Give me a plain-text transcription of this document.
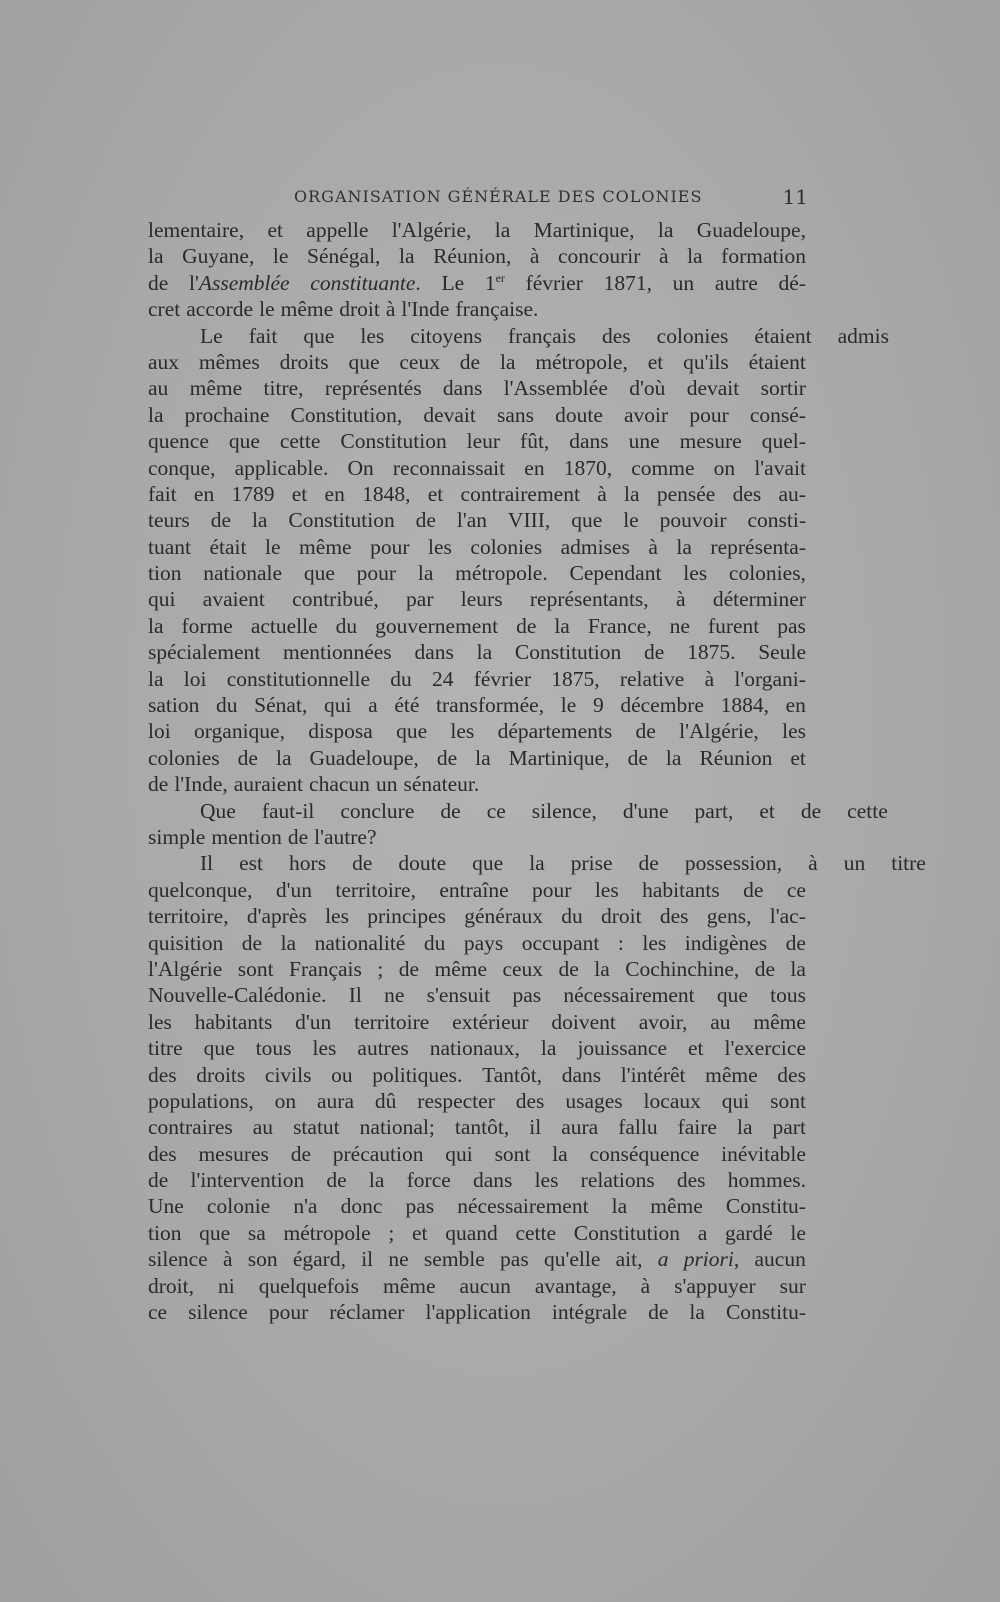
ORGANISATION GÉNÉRALE DES COLONIES	11
lementaire, et appelle l'Algérie, la Martinique, la Guadeloupe,
la Guyane, le Sénégal, la Réunion, à concourir à la formation
de l'Assemblée constituante. Le 1er février 1871, un autre dé-
cret accorde le même droit à l'Inde française.
Le	fait	que	les	citoyens	français	des	colonies	étaient	admis
aux mêmes droits que ceux de la métropole, et qu'ils étaient
au même titre, représentés dans l'Assemblée d'où devait sortir
la prochaine Constitution, devait sans doute avoir pour consé-
quence que cette Constitution leur fût, dans une mesure quel-
conque, applicable. On reconnaissait en 1870, comme on l'avait
fait en 1789 et en 1848, et contrairement à la pensée des au-
teurs de la Constitution de l'an VIII, que le pouvoir consti-
tuant était le même pour les colonies admises à la représenta-
tion nationale que pour la métropole. Cependant les colonies,
qui avaient contribué, par leurs représentants, à déterminer
la forme actuelle du gouvernement de la France, ne furent pas
spécialement mentionnées dans la Constitution de 1875. Seule
la loi constitutionnelle du 24 février 1875, relative à l'organi-
sation du Sénat, qui a été transformée, le 9 décembre 1884, en
loi organique, disposa que les départements de l'Algérie, les
colonies de la Guadeloupe, de la Martinique, de la Réunion et
de l'Inde, auraient chacun un sénateur.
Que	faut-il	conclure	de	ce	silence,	d'une	part,	et	de	cette
simple mention de l'autre?
Il	est	hors	de	doute	que	la	prise	de	possession,	à	un	titre
quelconque, d'un territoire, entraîne pour les habitants de ce
territoire, d'après les principes généraux du droit des gens, l'ac-
quisition de la nationalité du pays occupant : les indigènes de
l'Algérie sont Français ; de même ceux de la Cochinchine, de la
Nouvelle-Calédonie. Il ne s'ensuit pas nécessairement que tous
les habitants d'un territoire extérieur doivent avoir, au même
titre que tous les autres nationaux, la jouissance et l'exercice
des droits civils ou politiques. Tantôt, dans l'intérêt même des
populations, on aura dû respecter des usages locaux qui sont
contraires au statut national; tantôt, il aura fallu faire la part
des mesures de précaution qui sont la conséquence inévitable
de l'intervention de la force dans les relations des hommes.
Une colonie n'a donc pas nécessairement la même Constitu-
tion que sa métropole ; et quand cette Constitution a gardé le
silence à son égard, il ne semble pas qu'elle ait, a priori, aucun
droit, ni quelquefois même aucun avantage, à s'appuyer sur
ce silence pour réclamer l'application intégrale de la Constitu-
